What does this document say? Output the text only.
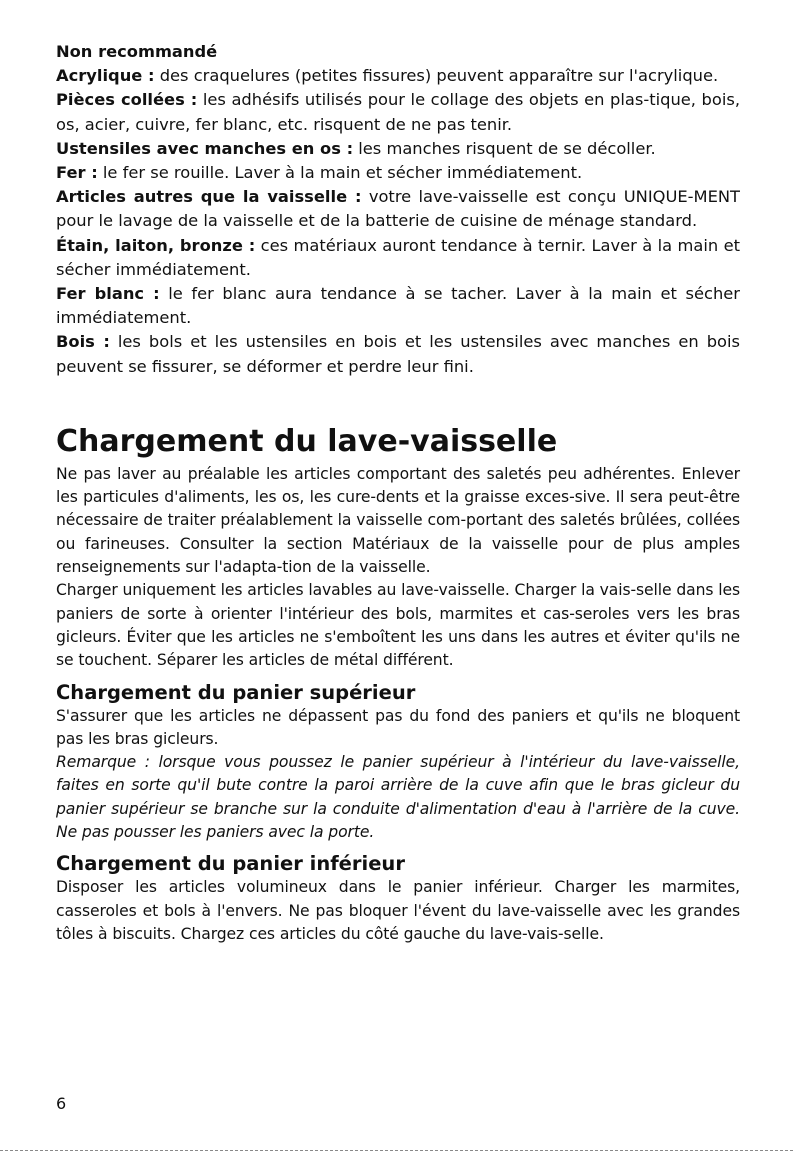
Non recommandé

Acrylique : des craquelures (petites fissures) peuvent apparaître sur l'acrylique.

Pièces collées : les adhésifs utilisés pour le collage des objets en plas-tique, bois, os, acier, cuivre, fer blanc, etc. risquent de ne pas tenir.

Ustensiles avec manches en os : les manches risquent de se décoller.

Fer : le fer se rouille. Laver à la main et sécher immédiatement.

Articles autres que la vaisselle : votre lave-vaisselle est conçu UNIQUE-MENT pour le lavage de la vaisselle et de la batterie de cuisine de ménage standard.

Étain, laiton, bronze : ces matériaux auront tendance à ternir. Laver à la main et sécher immédiatement.

Fer blanc : le fer blanc aura tendance à se tacher. Laver à la main et sécher immédiatement.

Bois : les bols et les ustensiles en bois et les ustensiles avec manches en bois peuvent se fissurer, se déformer et perdre leur fini.

Chargement du lave-vaisselle

Ne pas laver au préalable les articles comportant des saletés peu adhérentes. Enlever les particules d'aliments, les os, les cure-dents et la graisse exces-sive. Il sera peut-être nécessaire de traiter préalablement la vaisselle com-portant des saletés brûlées, collées ou farineuses. Consulter la section Matériaux de la vaisselle pour de plus amples renseignements sur l'adapta-tion de la vaisselle.

Charger uniquement les articles lavables au lave-vaisselle. Charger la vais-selle dans les paniers de sorte à orienter l'intérieur des bols, marmites et cas-seroles vers les bras gicleurs. Éviter que les articles ne s'emboîtent les uns dans les autres et éviter qu'ils ne se touchent. Séparer les articles de métal différent.

Chargement du panier supérieur

S'assurer que les articles ne dépassent pas du fond des paniers et qu'ils ne bloquent pas les bras gicleurs.

Remarque : lorsque vous poussez le panier supérieur à l'intérieur du lave-vaisselle, faites en sorte qu'il bute contre la paroi arrière de la cuve afin que le bras gicleur du panier supérieur se branche sur la conduite d'alimentation d'eau à l'arrière de la cuve. Ne pas pousser les paniers avec la porte.

Chargement du panier inférieur

Disposer les articles volumineux dans le panier inférieur. Charger les marmites, casseroles et bols à l'envers. Ne pas bloquer l'évent du lave-vaisselle avec les grandes tôles à biscuits. Chargez ces articles du côté gauche du lave-vais-selle.

6
